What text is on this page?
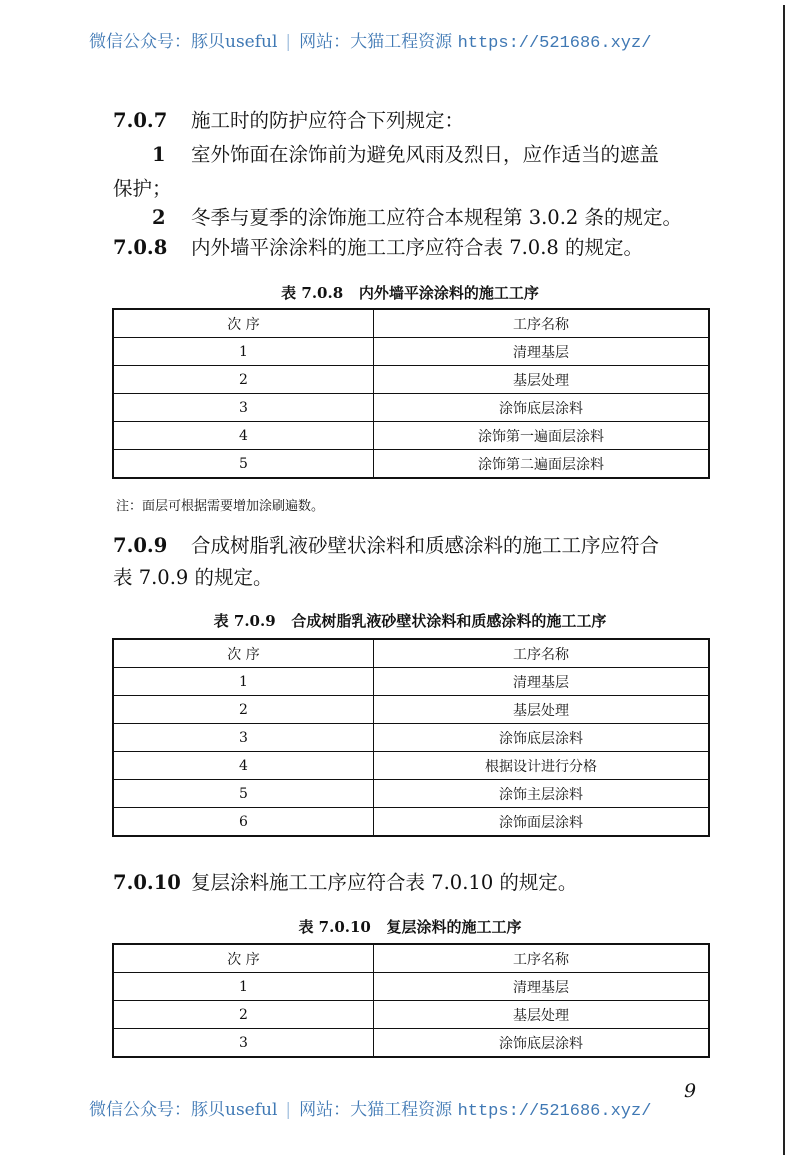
微信公众号：豚贝useful | 网站：大猫工程资源 https://521686.xyz/
7.0.7 施工时的防护应符合下列规定：
1 室外饰面在涂饰前为避免风雨及烈日，应作适当的遮盖
保护；
2 冬季与夏季的涂饰施工应符合本规程第 3.0.2 条的规定。
7.0.8 内外墙平涂涂料的施工工序应符合表 7.0.8 的规定。
表 7.0.8 内外墙平涂涂料的施工工序
次 序	工序名称
1	清理基层
2	基层处理
3	涂饰底层涂料
4	涂饰第一遍面层涂料
5	涂饰第二遍面层涂料
注：面层可根据需要增加涂刷遍数。
7.0.9 合成树脂乳液砂壁状涂料和质感涂料的施工工序应符合
表 7.0.9 的规定。
表 7.0.9 合成树脂乳液砂壁状涂料和质感涂料的施工工序
次 序	工序名称
1	清理基层
2	基层处理
3	涂饰底层涂料
4	根据设计进行分格
5	涂饰主层涂料
6	涂饰面层涂料
7.0.10 复层涂料施工工序应符合表 7.0.10 的规定。
表 7.0.10 复层涂料的施工工序
次 序	工序名称
1	清理基层
2	基层处理
3	涂饰底层涂料
9
微信公众号：豚贝useful | 网站：大猫工程资源 https://521686.xyz/
